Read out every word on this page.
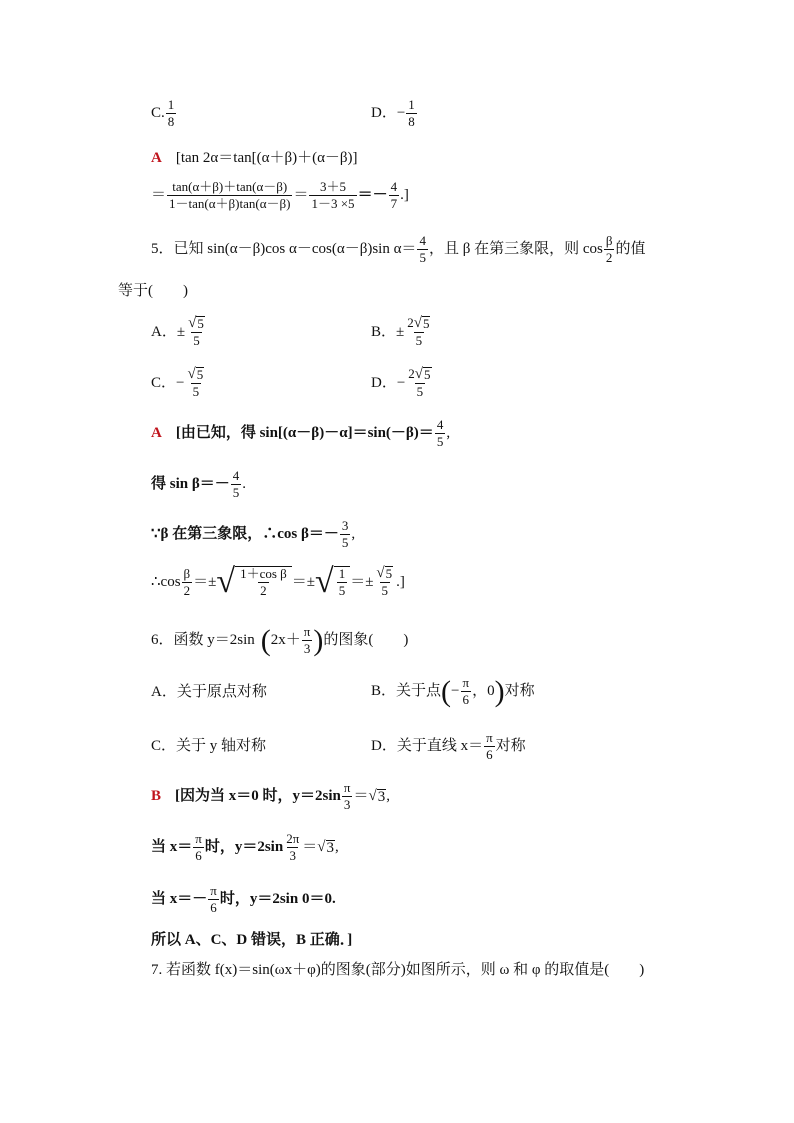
C. $\frac{1}{8}$	D．− $\frac{1}{8}$
A [tan 2α＝tan[(α＋β)＋(α－β)]
＝ $\frac{\tan(\alpha+\beta)+\tan(\alpha-\beta)}{1-\tan(\alpha+\beta)\tan(\alpha-\beta)} = \frac{3+5}{1-3 \times 5} =- \frac{4}{7}$ .]
5．已知 sin(α－β)cos α－cos(α－β)sin $\alpha= \frac{4}{5}$ ，且 β 在第三象限，则 $\cos \frac{\beta}{2}$ 的值
等于(　　)
A．± $\frac{√ 5}{5}$	B．± $\frac{2 √ 5}{5}$
C．− $\frac{√ 5}{5}$	D．− $\frac{2 √ 5}{5}$
A [由已知，得 $\sin[(\alpha-\beta)-\alpha]=\sin(-\beta)= \frac{4}{5}$ ,
得 $\sin \beta=- \frac{4}{5}$ .
∵β 在第三象限，∴cos $\beta=- \frac{3}{5}$ ,
∴cos $\frac{\beta}{2}$ ＝± √ $\frac{\text{1＋cos β}}{2}$ ＝± √ $\frac{1}{5} =\pm \frac{√ 5}{5}$ .]
6．函数 y＝2sin ( $2x+ \frac{\pi}{3}$ ) 的图象(　　)
A．关于原点对称	B．关于点 ( − $\frac{\pi}{6}$ ，0 ) 对称
C．关于 y 轴对称	D．关于直线 $x= \frac{\pi}{6}$ 对称
B [因为当 x＝0 时，$y=2\sin \frac{\pi}{3}$ ＝ √ 3 ,
当 $x= \frac{\pi}{6}$ 时，$y=2\sin \frac{2\pi}{3}$ ＝ √ 3 ,
当 $x=- \frac{\pi}{6}$ 时，y＝2sin 0＝0.
所以 A、C、D 错误，B 正确．]
7. 若函数 f(x)＝sin(ωx＋φ)的图象(部分)如图所示，则 ω 和 φ 的取值是(　　)
